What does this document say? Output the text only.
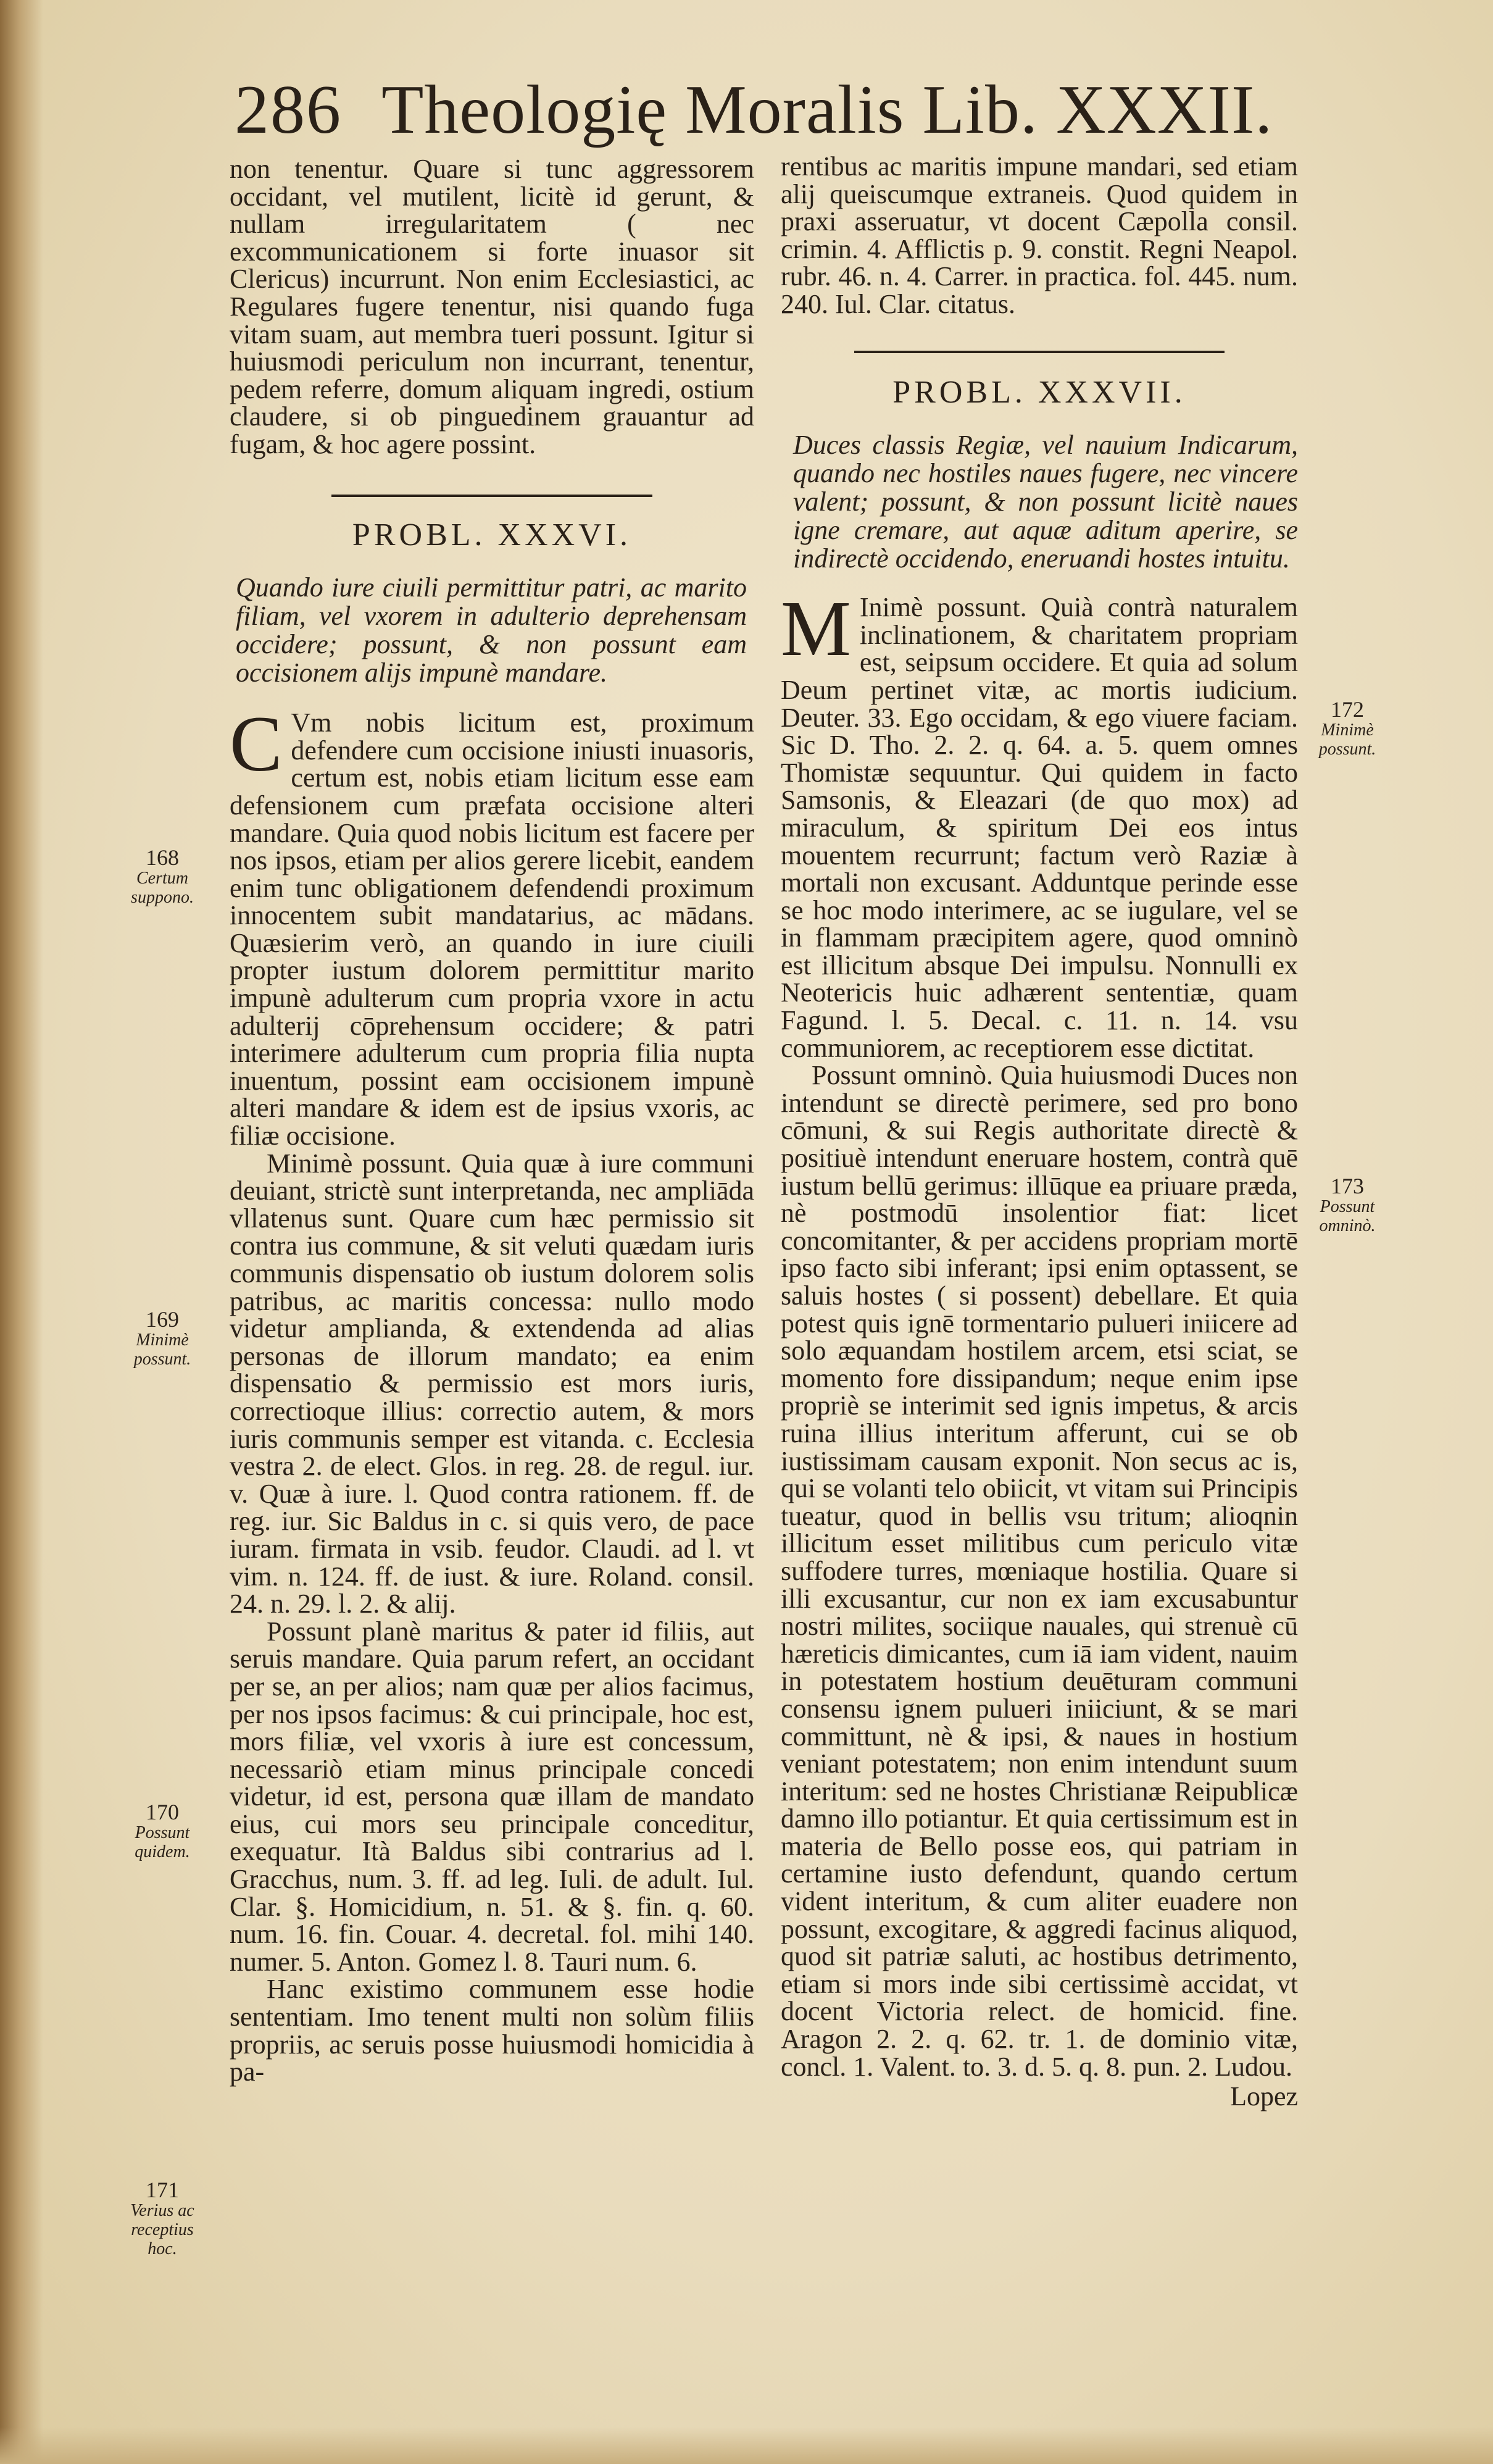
286 Theologię Moralis Lib. XXXII.

non tenentur. Quare si tunc aggressorem occidant, vel mutilent, licitè id gerunt, & nullam irregularitatem ( nec excommunicationem si forte inuasor sit Clericus) incurrunt. Non enim Ecclesiastici, ac Regulares fugere tenentur, nisi quando fuga vitam suam, aut membra tueri possunt. Igitur si huiusmodi periculum non incurrant, tenentur, pedem referre, domum aliquam ingredi, ostium claudere, si ob pinguedinem grauantur ad fugam, & hoc agere possint.

PROBL. XXXVI.

Quando iure ciuili permittitur patri, ac marito filiam, vel vxorem in adulterio deprehensam occidere; possunt, & non possunt eam occisionem alijs impunè mandare.

C Vm nobis licitum est, proximum defendere cum occisione iniusti inuasoris, certum est, nobis etiam licitum esse eam defensionem cum præfata occisione alteri mandare. Quia quod nobis licitum est facere per nos ipsos, etiam per alios gerere licebit, eandem enim tunc obligationem defendendi proximum innocentem subit mandatarius, ac mādans. Quæsierim verò, an quando in iure ciuili propter iustum dolorem permittitur marito impunè adulterum cum propria vxore in actu adulterij cōprehensum occidere; & patri interimere adulterum cum propria filia nupta inuentum, possint eam occisionem impunè alteri mandare & idem est de ipsius vxoris, ac filiæ occisione.

Minimè possunt. Quia quæ à iure communi deuiant, strictè sunt interpretanda, nec ampliāda vllatenus sunt. Quare cum hæc permissio sit contra ius commune, & sit veluti quædam iuris communis dispensatio ob iustum dolorem solis patribus, ac maritis concessa: nullo modo videtur amplianda, & extendenda ad alias personas de illorum mandato; ea enim dispensatio & permissio est mors iuris, correctioque illius: correctio autem, & mors iuris communis semper est vitanda. c. Ecclesia vestra 2. de elect. Glos. in reg. 28. de regul. iur. v. Quæ à iure. l. Quod contra rationem. ff. de reg. iur. Sic Baldus in c. si quis vero, de pace iuram. firmata in vsib. feudor. Claudi. ad l. vt vim. n. 124. ff. de iust. & iure. Roland. consil. 24. n. 29. l. 2. & alij.

Possunt planè maritus & pater id filiis, aut seruis mandare. Quia parum refert, an occidant per se, an per alios; nam quæ per alios facimus, per nos ipsos facimus: & cui principale, hoc est, mors filiæ, vel vxoris à iure est concessum, necessariò etiam minus principale concedi videtur, id est, persona quæ illam de mandato eius, cui mors seu principale conceditur, exequatur. Ità Baldus sibi contrarius ad l. Gracchus, num. 3. ff. ad leg. Iuli. de adult. Iul. Clar. §. Homicidium, n. 51. & §. fin. q. 60. num. 16. fin. Couar. 4. decretal. fol. mihi 140. numer. 5. Anton. Gomez l. 8. Tauri num. 6.

Hanc existimo communem esse hodie sententiam. Imo tenent multi non solùm filiis propriis, ac seruis posse huiusmodi homicidia à pa-

rentibus ac maritis impune mandari, sed etiam alij queiscumque extraneis. Quod quidem in praxi asseruatur, vt docent Cæpolla consil. crimin. 4. Afflictis p. 9. constit. Regni Neapol. rubr. 46. n. 4. Carrer. in practica. fol. 445. num. 240. Iul. Clar. citatus.

PROBL. XXXVII.

Duces classis Regiæ, vel nauium Indicarum, quando nec hostiles naues fugere, nec vincere valent; possunt, & non possunt licitè naues igne cremare, aut aquæ aditum aperire, se indirectè occidendo, eneruandi hostes intuitu.

M Inimè possunt. Quià contrà naturalem inclinationem, & charitatem propriam est, seipsum occidere. Et quia ad solum Deum pertinet vitæ, ac mortis iudicium. Deuter. 33. Ego occidam, & ego viuere faciam. Sic D. Tho. 2. 2. q. 64. a. 5. quem omnes Thomistæ sequuntur. Qui quidem in facto Samsonis, & Eleazari (de quo mox) ad miraculum, & spiritum Dei eos intus mouentem recurrunt; factum verò Raziæ à mortali non excusant. Adduntque perinde esse se hoc modo interimere, ac se iugulare, vel se in flammam præcipitem agere, quod omninò est illicitum absque Dei impulsu. Nonnulli ex Neotericis huic adhærent sententiæ, quam Fagund. l. 5. Decal. c. 11. n. 14. vsu communiorem, ac receptiorem esse dictitat.

Possunt omninò. Quia huiusmodi Duces non intendunt se directè perimere, sed pro bono cōmuni, & sui Regis authoritate directè & positiuè intendunt eneruare hostem, contrà quē iustum bellū gerimus: illūque ea priuare præda, nè postmodū insolentior fiat: licet concomitanter, & per accidens propriam mortē ipso facto sibi inferant; ipsi enim optassent, se saluis hostes ( si possent) debellare. Et quia potest quis ignē tormentario pulueri iniicere ad solo æquandam hostilem arcem, etsi sciat, se momento fore dissipandum; neque enim ipse propriè se interimit sed ignis impetus, & arcis ruina illius interitum afferunt, cui se ob iustissimam causam exponit. Non secus ac is, qui se volanti telo obiicit, vt vitam sui Principis tueatur, quod in bellis vsu tritum; alioqnin illicitum esset militibus cum periculo vitæ suffodere turres, mœniaque hostilia. Quare si illi excusantur, cur non ex iam excusabuntur nostri milites, sociique nauales, qui strenuè cū hæreticis dimicantes, cum iā iam vident, nauim in potestatem hostium deuēturam communi consensu ignem pulueri iniiciunt, & se mari committunt, nè & ipsi, & naues in hostium veniant potestatem; non enim intendunt suum interitum: sed ne hostes Christianæ Reipublicæ damno illo potiantur. Et quia certissimum est in materia de Bello posse eos, qui patriam in certamine iusto defendunt, quando certum vident interitum, & cum aliter euadere non possunt, excogitare, & aggredi facinus aliquod, quod sit patriæ saluti, ac hostibus detrimento, etiam si mors inde sibi certissimè accidat, vt docent Victoria relect. de homicid. fine. Aragon 2. 2. q. 62. tr. 1. de dominio vitæ, concl. 1. Valent. to. 3. d. 5. q. 8. pun. 2. Ludou.

Lopez

168
Certum suppono.
169
Minimè possunt.
170
Possunt quidem.
171
Verius ac receptius hoc.
172
Minimè possunt.
173
Possunt omninò.
